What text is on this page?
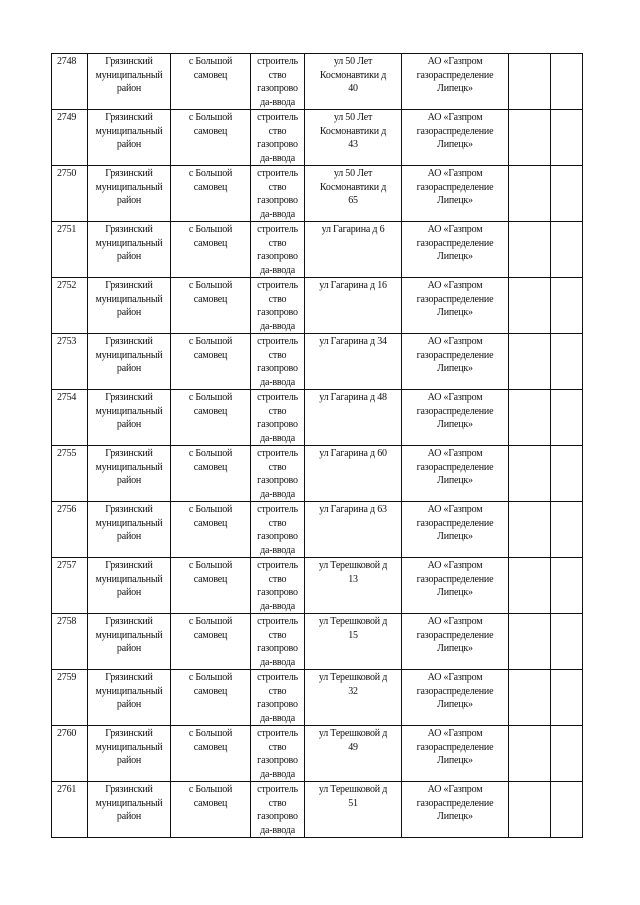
2748	Грязинский
муниципальный
район	с Большой
самовец	строитель
ство
газопрово
да-ввода	ул 50 Лет
Космонавтики д
40	АО «Газпром
газораспределение
Липецк»		

2749	Грязинский
муниципальный
район	с Большой
самовец	строитель
ство
газопрово
да-ввода	ул 50 Лет
Космонавтики д
43	АО «Газпром
газораспределение
Липецк»		

2750	Грязинский
муниципальный
район	с Большой
самовец	строитель
ство
газопрово
да-ввода	ул 50 Лет
Космонавтики д
65	АО «Газпром
газораспределение
Липецк»		

2751	Грязинский
муниципальный
район	с Большой
самовец	строитель
ство
газопрово
да-ввода	ул Гагарина д 6	АО «Газпром
газораспределение
Липецк»		

2752	Грязинский
муниципальный
район	с Большой
самовец	строитель
ство
газопрово
да-ввода	ул Гагарина д 16	АО «Газпром
газораспределение
Липецк»		

2753	Грязинский
муниципальный
район	с Большой
самовец	строитель
ство
газопрово
да-ввода	ул Гагарина д 34	АО «Газпром
газораспределение
Липецк»		

2754	Грязинский
муниципальный
район	с Большой
самовец	строитель
ство
газопрово
да-ввода	ул Гагарина д 48	АО «Газпром
газораспределение
Липецк»		

2755	Грязинский
муниципальный
район	с Большой
самовец	строитель
ство
газопрово
да-ввода	ул Гагарина д 60	АО «Газпром
газораспределение
Липецк»		

2756	Грязинский
муниципальный
район	с Большой
самовец	строитель
ство
газопрово
да-ввода	ул Гагарина д 63	АО «Газпром
газораспределение
Липецк»		

2757	Грязинский
муниципальный
район	с Большой
самовец	строитель
ство
газопрово
да-ввода	ул Терешковой д
13	АО «Газпром
газораспределение
Липецк»		

2758	Грязинский
муниципальный
район	с Большой
самовец	строитель
ство
газопрово
да-ввода	ул Терешковой д
15	АО «Газпром
газораспределение
Липецк»		

2759	Грязинский
муниципальный
район	с Большой
самовец	строитель
ство
газопрово
да-ввода	ул Терешковой д
32	АО «Газпром
газораспределение
Липецк»		

2760	Грязинский
муниципальный
район	с Большой
самовец	строитель
ство
газопрово
да-ввода	ул Терешковой д
49	АО «Газпром
газораспределение
Липецк»		

2761	Грязинский
муниципальный
район	с Большой
самовец	строитель
ство
газопрово
да-ввода	ул Терешковой д
51	АО «Газпром
газораспределение
Липецк»		
